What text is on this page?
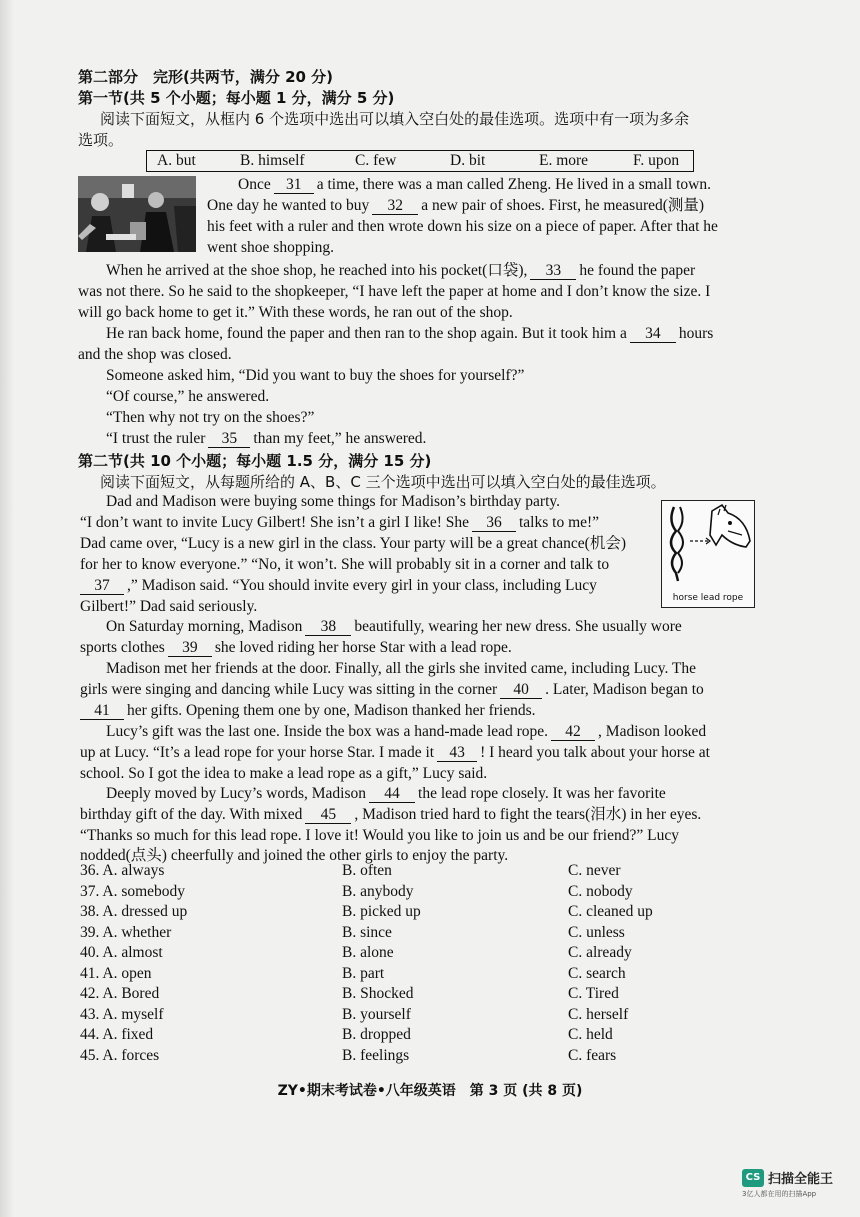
第二部分　完形(共两节，满分 20 分)
第一节(共 5 个小题；每小题 1 分，满分 5 分)
阅读下面短文，从框内 6 个选项中选出可以填入空白处的最佳选项。选项中有一项为多余
选项。
A. but	B. himself	C. few	D. bit	E. more	F. upon
Once 31 a time, there was a man called Zheng. He lived in a small town.
One day he wanted to buy 32 a new pair of shoes. First, he measured(测量)
his feet with a ruler and then wrote down his size on a piece of paper. After that he
went shoe shopping.
When he arrived at the shoe shop, he reached into his pocket(口袋), 33 he found the paper
was not there. So he said to the shopkeeper, “I have left the paper at home and I don’t know the size. I
will go back home to get it.” With these words, he ran out of the shop.
He ran back home, found the paper and then ran to the shop again. But it took him a 34 hours
and the shop was closed.
Someone asked him, “Did you want to buy the shoes for yourself?”
“Of course,” he answered.
“Then why not try on the shoes?”
“I trust the ruler 35 than my feet,” he answered.
第二节(共 10 个小题；每小题 1.5 分，满分 15 分)
阅读下面短文，从每题所给的 A、B、C 三个选项中选出可以填入空白处的最佳选项。
Dad and Madison were buying some things for Madison’s birthday party.
“I don’t want to invite Lucy Gilbert! She isn’t a girl I like! She 36 talks to me!”
Dad came over, “Lucy is a new girl in the class. Your party will be a great chance(机会)
for her to know everyone.” “No, it won’t. She will probably sit in a corner and talk to
37 ,” Madison said. “You should invite every girl in your class, including Lucy
Gilbert!” Dad said seriously.	horse lead rope
On Saturday morning, Madison 38 beautifully, wearing her new dress. She usually wore
sports clothes 39 she loved riding her horse Star with a lead rope.
Madison met her friends at the door. Finally, all the girls she invited came, including Lucy. The
girls were singing and dancing while Lucy was sitting in the corner 40 . Later, Madison began to
41 her gifts. Opening them one by one, Madison thanked her friends.
Lucy’s gift was the last one. Inside the box was a hand-made lead rope. 42 , Madison looked
up at Lucy. “It’s a lead rope for your horse Star. I made it 43 ! I heard you talk about your horse at
school. So I got the idea to make a lead rope as a gift,” Lucy said.
Deeply moved by Lucy’s words, Madison 44 the lead rope closely. It was her favorite
birthday gift of the day. With mixed 45 , Madison tried hard to fight the tears(泪水) in her eyes.
“Thanks so much for this lead rope. I love it! Would you like to join us and be our friend?” Lucy
nodded(点头) cheerfully and joined the other girls to enjoy the party.
36. A. always	B. often	C. never
37. A. somebody	B. anybody	C. nobody
38. A. dressed up	B. picked up	C. cleaned up
39. A. whether	B. since	C. unless
40. A. almost	B. alone	C. already
41. A. open	B. part	C. search
42. A. Bored	B. Shocked	C. Tired
43. A. myself	B. yourself	C. herself
44. A. fixed	B. dropped	C. held
45. A. forces	B. feelings	C. fears
ZY•期末考试卷•八年级英语　第 3 页 (共 8 页)
CS 扫描全能王
3亿人都在用的扫描App
